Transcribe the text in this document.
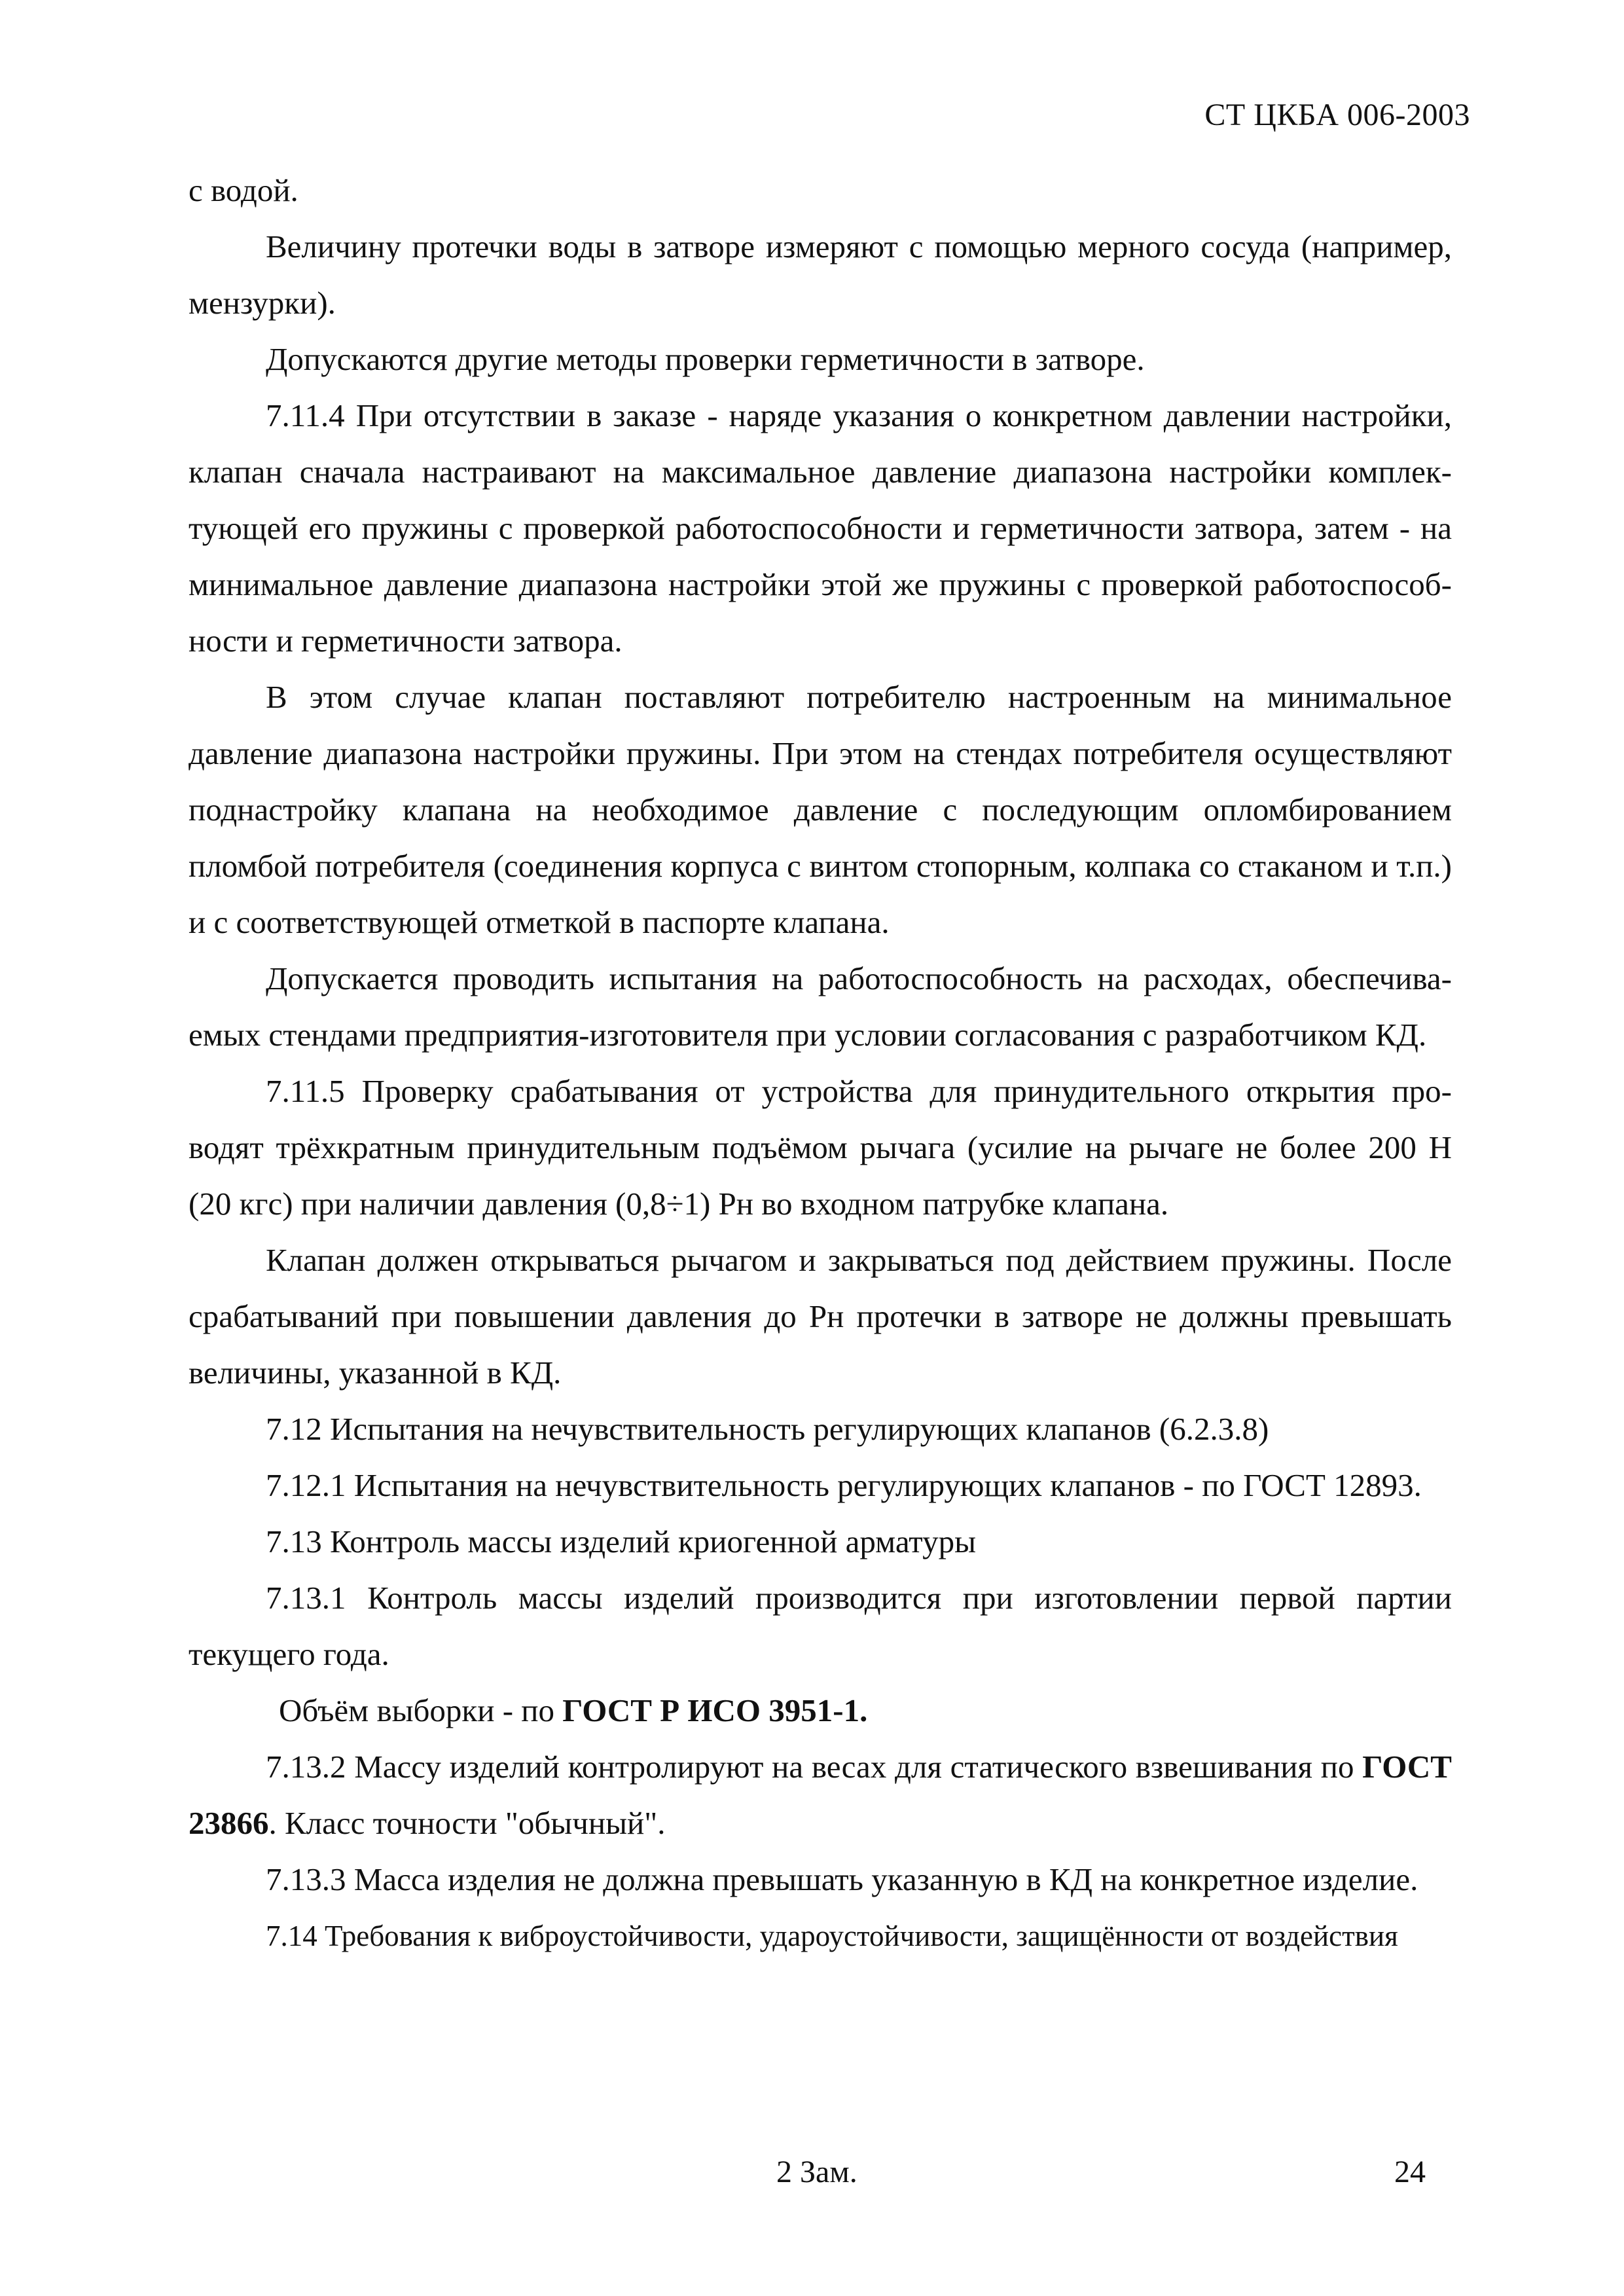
СТ ЦКБА 006-2003

с водой.

Величину протечки воды в затворе измеряют с помощью мерного сосуда (например, мензурки).

Допускаются другие методы проверки герметичности в затворе.

7.11.4 При отсутствии в заказе - наряде указания о конкретном давлении настройки, клапан сначала настраивают на максимальное давление диапазона настройки комплек-тующей его пружины с проверкой работоспособности и герметичности затвора, затем - на минимальное давление диапазона настройки этой же пружины с проверкой работоспособ-ности и герметичности затвора.

В этом случае клапан поставляют потребителю настроенным на минимальное давление диапазона настройки пружины. При этом на стендах потребителя осуществляют поднастройку клапана на необходимое давление с последующим опломбированием пломбой потребителя (соединения корпуса с винтом стопорным, колпака со стаканом и т.п.) и с соответствующей отметкой в паспорте клапана.

Допускается проводить испытания на работоспособность на расходах, обеспечива-емых стендами предприятия-изготовителя при условии согласования с разработчиком КД.

7.11.5 Проверку срабатывания от устройства для принудительного открытия про-водят трёхкратным принудительным подъёмом рычага (усилие на рычаге не более 200 Н (20 кгс) при наличии давления (0,8÷1) Рн во входном патрубке клапана.

Клапан должен открываться рычагом и закрываться под действием пружины. После срабатываний при повышении давления до Рн протечки в затворе не должны превышать величины, указанной в КД.

7.12 Испытания на нечувствительность регулирующих клапанов (6.2.3.8)

7.12.1 Испытания на нечувствительность регулирующих клапанов - по ГОСТ 12893.

7.13 Контроль массы изделий криогенной арматуры

7.13.1 Контроль массы изделий производится при изготовлении первой партии текущего года.

Объём выборки - по ГОСТ Р ИСО 3951-1.

7.13.2 Массу изделий контролируют на весах для статического взвешивания по ГОСТ 23866. Класс точности "обычный".

7.13.3 Масса изделия не должна превышать указанную в КД на конкретное изделие.

7.14 Требования к виброустойчивости, удароустойчивости, защищённости от воздействия

2 Зам.	24
